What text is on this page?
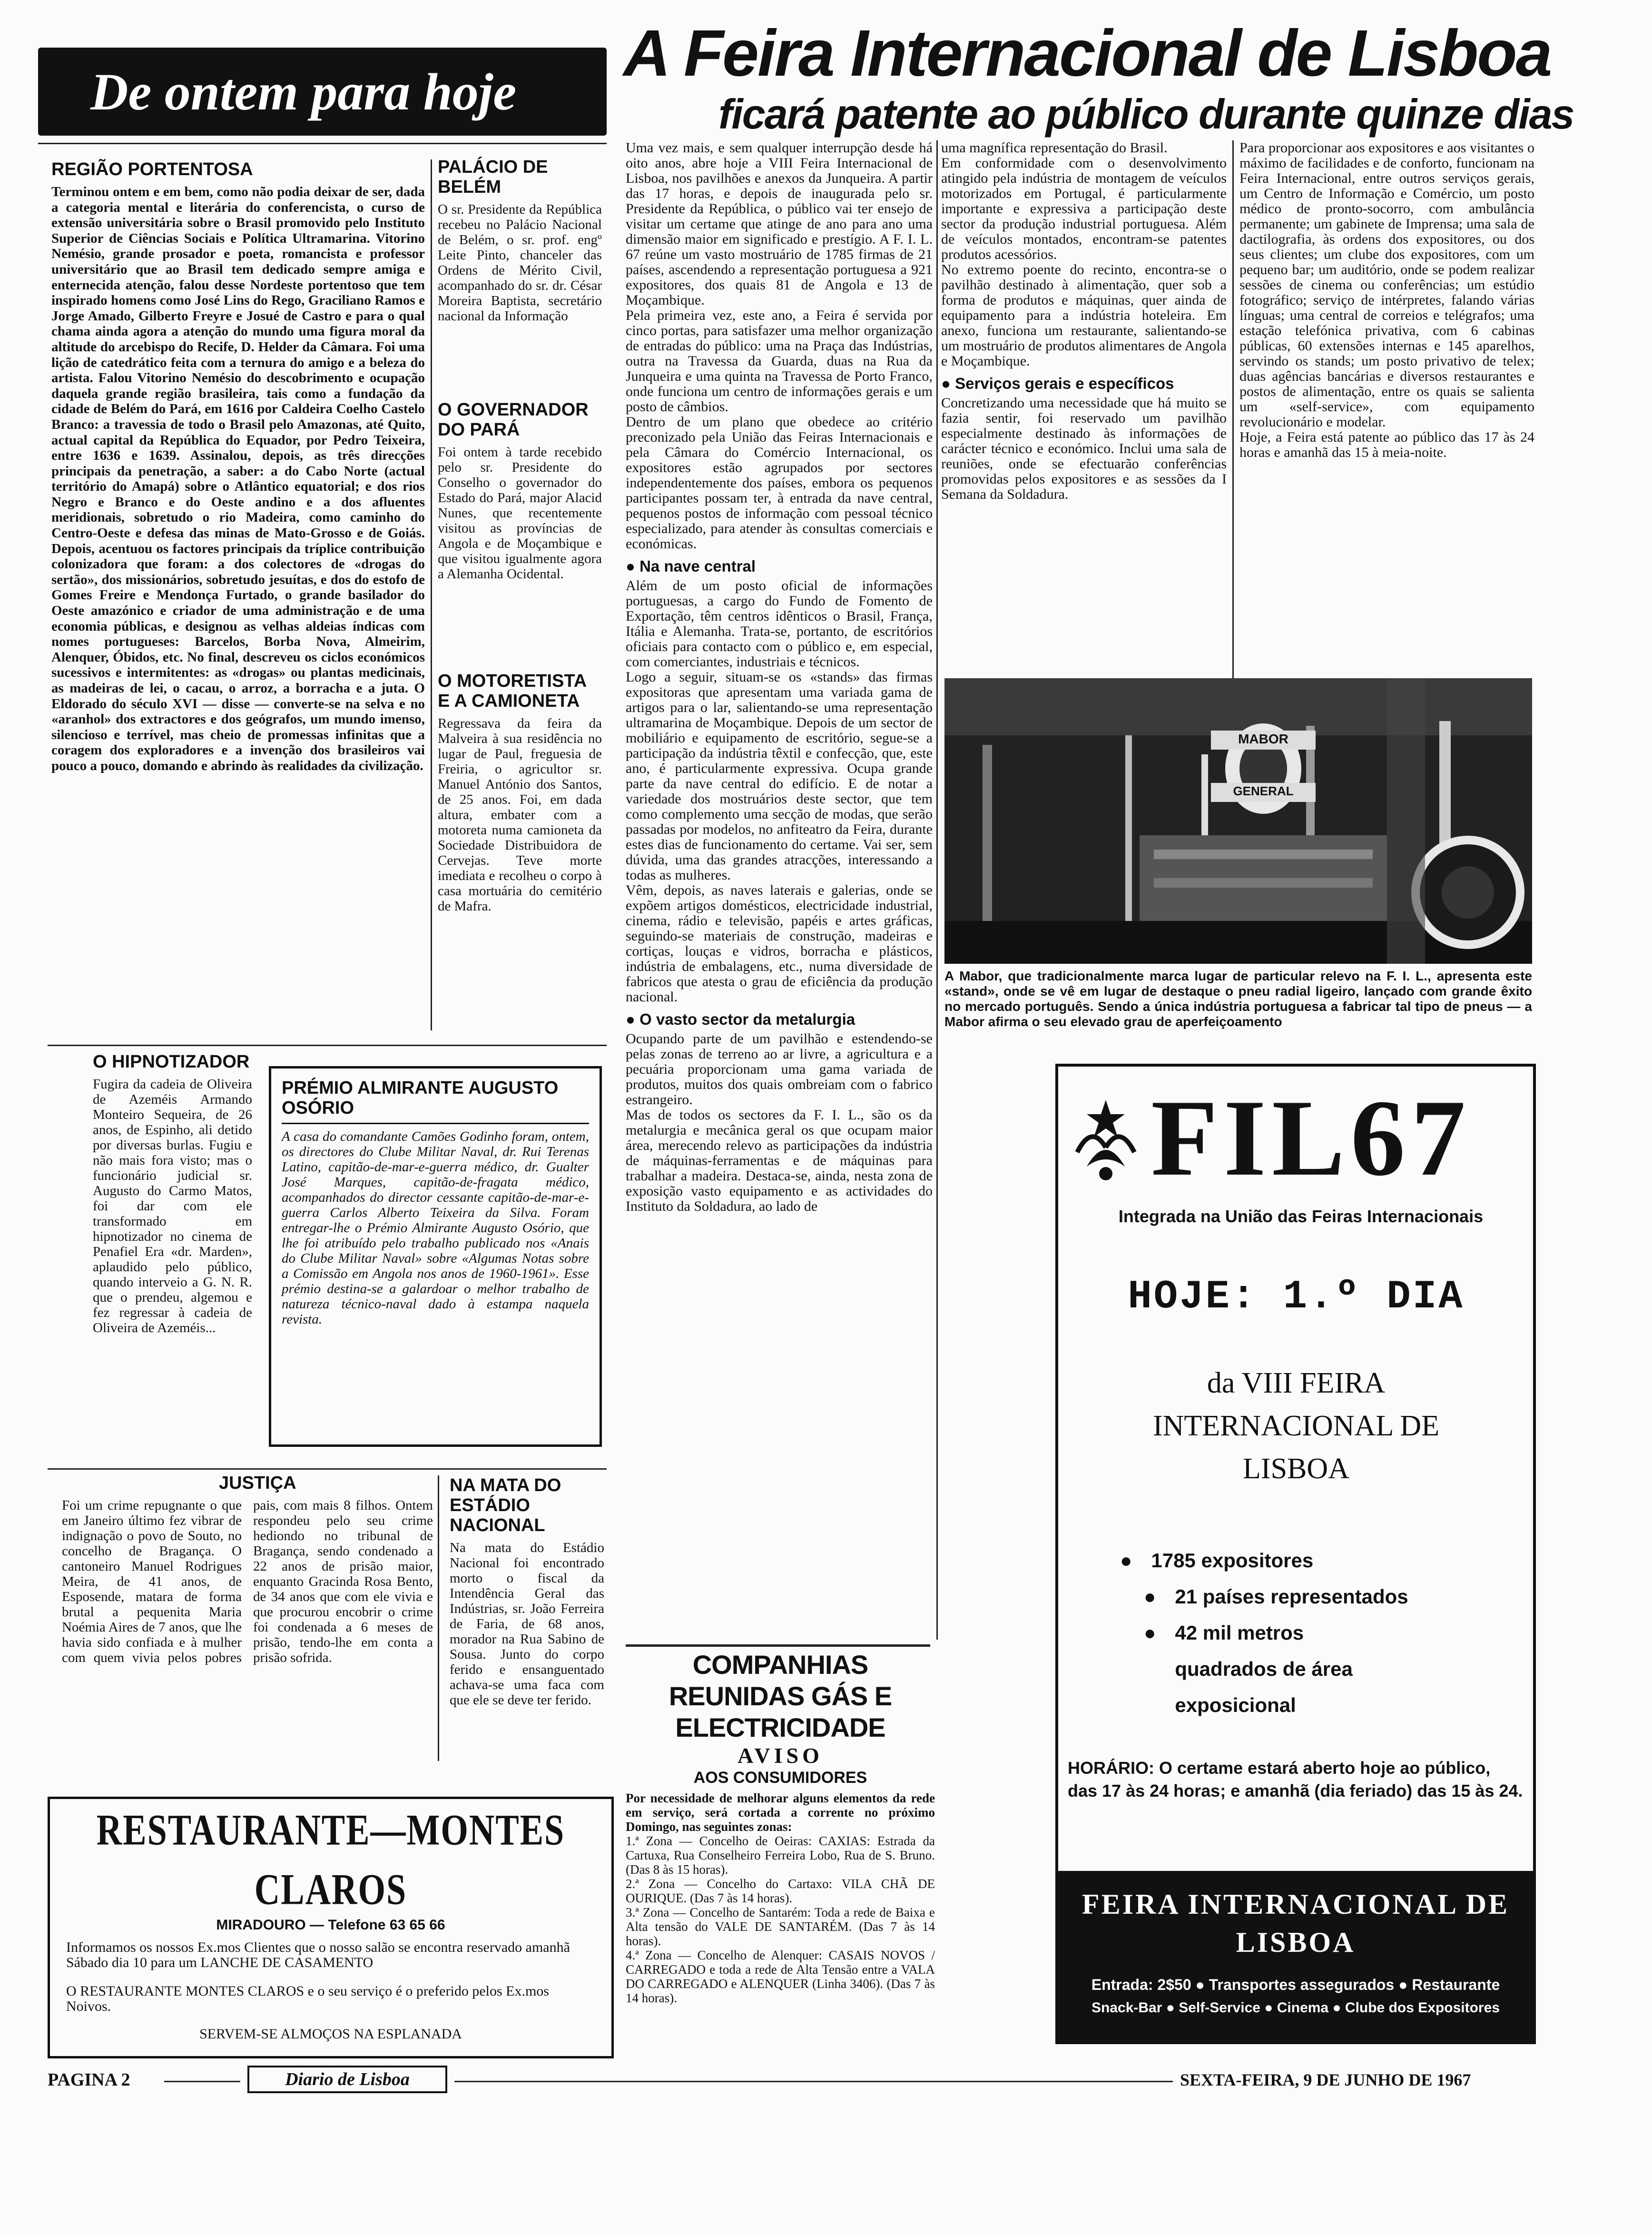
De ontem para hoje
A Feira Internacional de Lisboa
ficará patente ao público durante quinze dias

REGIÃO PORTENTOSA

Terminou ontem e em bem, como não podia deixar de ser, dada a categoria mental e literária do conferencista, o curso de extensão universitária sobre o Brasil promovido pelo Instituto Superior de Ciências Sociais e Política Ultramarina. Vitorino Nemésio, grande prosador e poeta, romancista e professor universitário que ao Brasil tem dedicado sempre amiga e enternecida atenção, falou desse Nordeste portentoso que tem inspirado homens como José Lins do Rego, Graciliano Ramos e Jorge Amado, Gilberto Freyre e Josué de Castro e para o qual chama ainda agora a atenção do mundo uma figura moral da altitude do arcebispo do Recife, D. Helder da Câmara. Foi uma lição de catedrático feita com a ternura do amigo e a beleza do artista. Falou Vitorino Nemésio do descobrimento e ocupação daquela grande região brasileira, tais como a fundação da cidade de Belém do Pará, em 1616 por Caldeira Coelho Castelo Branco: a travessia de todo o Brasil pelo Amazonas, até Quito, actual capital da República do Equador, por Pedro Teixeira, entre 1636 e 1639. Assinalou, depois, as três direcções principais da penetração, a saber: a do Cabo Norte (actual território do Amapá) sobre o Atlântico equatorial; e dos rios Negro e Branco e do Oeste andino e a dos afluentes meridionais, sobretudo o rio Madeira, como caminho do Centro-Oeste e defesa das minas de Mato-Grosso e de Goiás. Depois, acentuou os factores principais da tríplice contribuição colonizadora que foram: a dos colectores de «drogas do sertão», dos missionários, sobretudo jesuítas, e dos do estofo de Gomes Freire e Mendonça Furtado, o grande basilador do Oeste amazónico e criador de uma administração e de uma economia públicas, e designou as velhas aldeias índicas com nomes portugueses: Barcelos, Borba Nova, Almeirim, Alenquer, Óbidos, etc. No final, descreveu os ciclos económicos sucessivos e intermitentes: as «drogas» ou plantas medicinais, as madeiras de lei, o cacau, o arroz, a borracha e a juta. O Eldorado do século XVI — disse — converte-se na selva e no «aranhol» dos extractores e dos geógrafos, um mundo imenso, silencioso e terrível, mas cheio de promessas infinitas que a coragem dos exploradores e a invenção dos brasileiros vai pouco a pouco, domando e abrindo às realidades da civilização.

PALÁCIO DE BELÉM

O sr. Presidente da República recebeu no Palácio Nacional de Belém, o sr. prof. engº Leite Pinto, chanceler das Ordens de Mérito Civil, acompanhado do sr. dr. César Moreira Baptista, secretário nacional da Informação

O GOVERNADOR DO PARÁ

Foi ontem à tarde recebido pelo sr. Presidente do Conselho o governador do Estado do Pará, major Alacid Nunes, que recentemente visitou as províncias de Angola e de Moçambique e que visitou igualmente agora a Alemanha Ocidental.

O MOTORETISTA E A CAMIONETA

Regressava da feira da Malveira à sua residência no lugar de Paul, freguesia de Freiria, o agricultor sr. Manuel António dos Santos, de 25 anos. Foi, em dada altura, embater com a motoreta numa camioneta da Sociedade Distribuidora de Cervejas. Teve morte imediata e recolheu o corpo à casa mortuária do cemitério de Mafra.

O HIPNOTIZADOR

Fugira da cadeia de Oliveira de Azeméis Armando Monteiro Sequeira, de 26 anos, de Espinho, ali detido por diversas burlas. Fugiu e não mais fora visto; mas o funcionário judicial sr. Augusto do Carmo Matos, foi dar com ele transformado em hipnotizador no cinema de Penafiel Era «dr. Marden», aplaudido pelo público, quando interveio a G. N. R. que o prendeu, algemou e fez regressar à cadeia de Oliveira de Azeméis...

PRÉMIO ALMIRANTE AUGUSTO OSÓRIO

A casa do comandante Camões Godinho foram, ontem, os directores do Clube Militar Naval, dr. Rui Terenas Latino, capitão-de-mar-e-guerra médico, dr. Gualter José Marques, capitão-de-fragata médico, acompanhados do director cessante capitão-de-mar-e-guerra Carlos Alberto Teixeira da Silva. Foram entregar-lhe o Prémio Almirante Augusto Osório, que lhe foi atribuído pelo trabalho publicado nos «Anais do Clube Militar Naval» sobre «Algumas Notas sobre a Comissão em Angola nos anos de 1960-1961». Esse prémio destina-se a galardoar o melhor trabalho de natureza técnico-naval dado à estampa naquela revista.

JUSTIÇA

Foi um crime repugnante o que em Janeiro último fez vibrar de indignação o povo de Souto, no concelho de Bragança. O cantoneiro Manuel Rodrigues Meira, de 41 anos, de Esposende, matara de forma brutal a pequenita Maria Noémia Aires de 7 anos, que lhe havia sido confiada e à mulher com quem vivia pelos pobres pais, com mais 8 filhos. Ontem respondeu pelo seu crime hediondo no tribunal de Bragança, sendo condenado a 22 anos de prisão maior, enquanto Gracinda Rosa Bento, de 34 anos que com ele vivia e que procurou encobrir o crime foi condenada a 6 meses de prisão, tendo-lhe em conta a prisão sofrida.

NA MATA DO ESTÁDIO NACIONAL

Na mata do Estádio Nacional foi encontrado morto o fiscal da Intendência Geral das Indústrias, sr. João Ferreira de Faria, de 68 anos, morador na Rua Sabino de Sousa. Junto do corpo ferido e ensanguentado achava-se uma faca com que ele se deve ter ferido.

RESTAURANTE—MONTES CLAROS
MIRADOURO — Telefone 63 65 66

Informamos os nossos Ex.mos Clientes que o nosso salão se encontra reservado amanhã Sábado dia 10 para um LANCHE DE CASAMENTO

O RESTAURANTE MONTES CLAROS e o seu serviço é o preferido pelos Ex.mos Noivos.

SERVEM-SE ALMOÇOS NA ESPLANADA

Uma vez mais, e sem qualquer interrupção desde há oito anos, abre hoje a VIII Feira Internacional de Lisboa, nos pavilhões e anexos da Junqueira. A partir das 17 horas, e depois de inaugurada pelo sr. Presidente da República, o público vai ter ensejo de visitar um certame que atinge de ano para ano uma dimensão maior em significado e prestígio. A F. I. L. 67 reúne um vasto mostruário de 1785 firmas de 21 países, ascendendo a representação portuguesa a 921 expositores, dos quais 81 de Angola e 13 de Moçambique.
Pela primeira vez, este ano, a Feira é servida por cinco portas, para satisfazer uma melhor organização de entradas do público: uma na Praça das Indústrias, outra na Travessa da Guarda, duas na Rua da Junqueira e uma quinta na Travessa de Porto Franco, onde funciona um centro de informações gerais e um posto de câmbios.
Dentro de um plano que obedece ao critério preconizado pela União das Feiras Internacionais e pela Câmara do Comércio Internacional, os expositores estão agrupados por sectores independentemente dos países, embora os pequenos participantes possam ter, à entrada da nave central, pequenos postos de informação com pessoal técnico especializado, para atender às consultas comerciais e económicas.

● Na nave central

Além de um posto oficial de informações portuguesas, a cargo do Fundo de Fomento de Exportação, têm centros idênticos o Brasil, França, Itália e Alemanha. Trata-se, portanto, de escritórios oficiais para contacto com o público e, em especial, com comerciantes, industriais e técnicos.
Logo a seguir, situam-se os «stands» das firmas expositoras que apresentam uma variada gama de artigos para o lar, salientando-se uma representação ultramarina de Moçambique. Depois de um sector de mobiliário e equipamento de escritório, segue-se a participação da indústria têxtil e confecção, que, este ano, é particularmente expressiva. Ocupa grande parte da nave central do edifício. E de notar a variedade dos mostruários deste sector, que tem como complemento uma secção de modas, que serão passadas por modelos, no anfiteatro da Feira, durante estes dias de funcionamento do certame. Vai ser, sem dúvida, uma das grandes atracções, interessando a todas as mulheres.
Vêm, depois, as naves laterais e galerias, onde se expõem artigos domésticos, electricidade industrial, cinema, rádio e televisão, papéis e artes gráficas, seguindo-se materiais de construção, madeiras e cortiças, louças e vidros, borracha e plásticos, indústria de embalagens, etc., numa diversidade de fabricos que atesta o grau de eficiência da produção nacional.

● O vasto sector da metalurgia

Ocupando parte de um pavilhão e estendendo-se pelas zonas de terreno ao ar livre, a agricultura e a pecuária proporcionam uma gama variada de produtos, muitos dos quais ombreiam com o fabrico estrangeiro.
Mas de todos os sectores da F. I. L., são os da metalurgia e mecânica geral os que ocupam maior área, merecendo relevo as participações da indústria de máquinas-ferramentas e de máquinas para trabalhar a madeira. Destaca-se, ainda, nesta zona de exposição vasto equipamento e as actividades do Instituto da Soldadura, ao lado de

uma magnífica representação do Brasil.
Em conformidade com o desenvolvimento atingido pela indústria de montagem de veículos motorizados em Portugal, é particularmente importante e expressiva a participação deste sector da produção industrial portuguesa. Além de veículos montados, encontram-se patentes produtos acessórios.
No extremo poente do recinto, encontra-se o pavilhão destinado à alimentação, quer sob a forma de produtos e máquinas, quer ainda de equipamento para a indústria hoteleira. Em anexo, funciona um restaurante, salientando-se um mostruário de produtos alimentares de Angola e Moçambique.

● Serviços gerais e específicos

Concretizando uma necessidade que há muito se fazia sentir, foi reservado um pavilhão especialmente destinado às informações de carácter técnico e económico. Inclui uma sala de reuniões, onde se efectuarão conferências promovidas pelos expositores e as sessões da I Semana da Soldadura.

Para proporcionar aos expositores e aos visitantes o máximo de facilidades e de conforto, funcionam na Feira Internacional, entre outros serviços gerais, um Centro de Informação e Comércio, um posto médico de pronto-socorro, com ambulância permanente; um gabinete de Imprensa; uma sala de dactilografia, às ordens dos expositores, ou dos seus clientes; um clube dos expositores, com um pequeno bar; um auditório, onde se podem realizar sessões de cinema ou conferências; um estúdio fotográfico; serviço de intérpretes, falando várias línguas; uma central de correios e telégrafos; uma estação telefónica privativa, com 6 cabinas públicas, 60 extensões internas e 145 aparelhos, servindo os stands; um posto privativo de telex; duas agências bancárias e diversos restaurantes e postos de alimentação, entre os quais se salienta um «self-service», com equipamento revolucionário e modelar.
Hoje, a Feira está patente ao público das 17 às 24 horas e amanhã das 15 à meia-noite.

MABOR
GENERAL
A Mabor, que tradicionalmente marca lugar de particular relevo na F. I. L., apresenta este «stand», onde se vê em lugar de destaque o pneu radial ligeiro, lançado com grande êxito no mercado português. Sendo a única indústria portuguesa a fabricar tal tipo de pneus — a Mabor afirma o seu elevado grau de aperfeiçoamento
FIL67
Integrada na União das Feiras Internacionais
HOJE: 1.º DIA
da VIII FEIRA INTERNACIONAL DE LISBOA
● 1785 expositores
● 21 países representados
● 42 mil metros quadrados de área exposicional
HORÁRIO: O certame estará aberto hoje ao público, das 17 às 24 horas; e amanhã (dia feriado) das 15 às 24.
FEIRA INTERNACIONAL DE LISBOA
Entrada: 2$50 ● Transportes assegurados ● Restaurante
Snack-Bar ● Self-Service ● Cinema ● Clube dos Expositores
COMPANHIAS REUNIDAS GÁS E ELECTRICIDADE
AVISO
AOS CONSUMIDORES

Por necessidade de melhorar alguns elementos da rede em serviço, será cortada a corrente no próximo Domingo, nas seguintes zonas:

1.ª Zona — Concelho de Oeiras: CAXIAS: Estrada da Cartuxa, Rua Conselheiro Ferreira Lobo, Rua de S. Bruno. (Das 8 às 15 horas).
2.ª Zona — Concelho do Cartaxo: VILA CHÃ DE OURIQUE. (Das 7 às 14 horas).
3.ª Zona — Concelho de Santarém: Toda a rede de Baixa e Alta tensão do VALE DE SANTARÉM. (Das 7 às 14 horas).
4.ª Zona — Concelho de Alenquer: CASAIS NOVOS / CARREGADO e toda a rede de Alta Tensão entre a VALA DO CARREGADO e ALENQUER (Linha 3406). (Das 7 às 14 horas).

PAGINA 2	Diario de Lisboa	SEXTA-FEIRA, 9 DE JUNHO DE 1967
